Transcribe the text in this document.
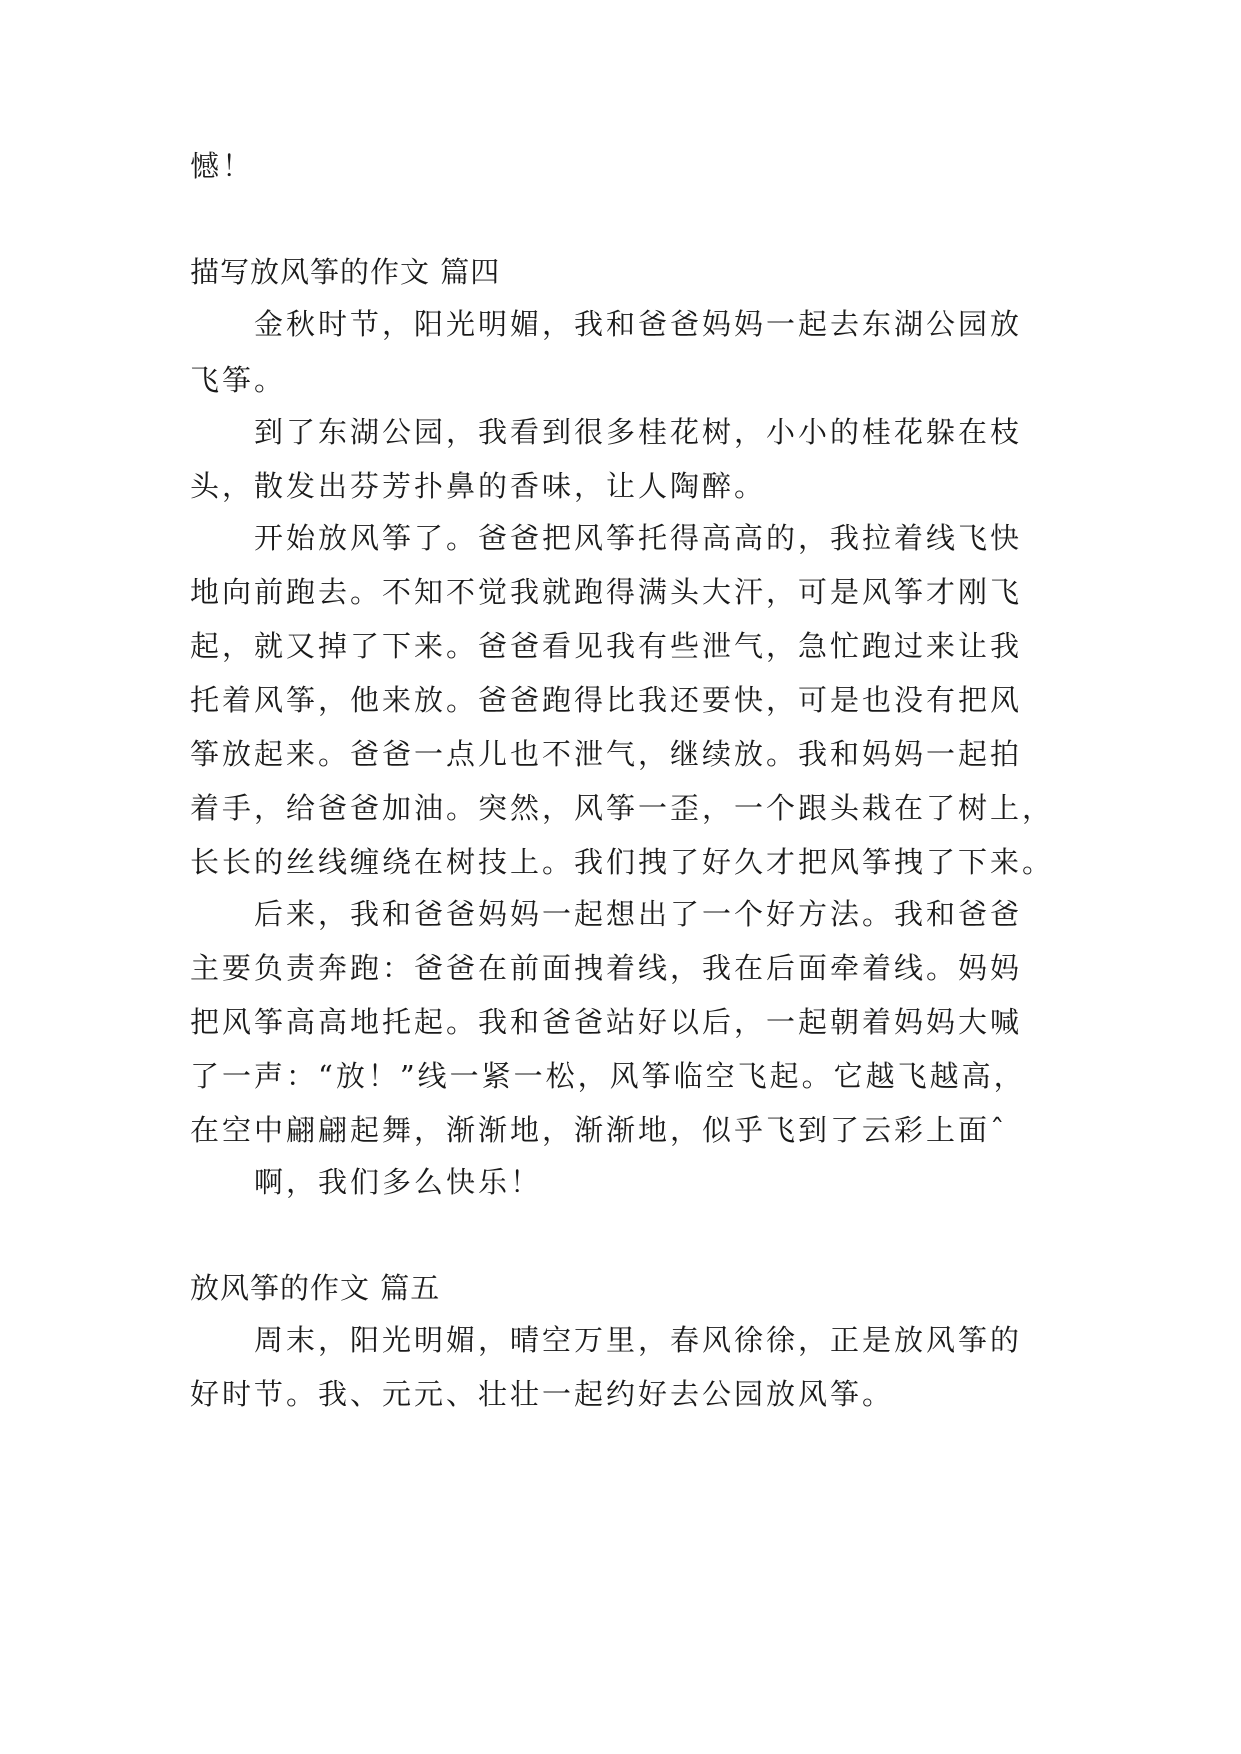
憾！
描写放风筝的作文 篇四
金秋时节，阳光明媚，我和爸爸妈妈一起去东湖公园放
飞筝。
到了东湖公园，我看到很多桂花树，小小的桂花躲在枝
头，散发出芬芳扑鼻的香味，让人陶醉。
开始放风筝了。爸爸把风筝托得高高的，我拉着线飞快
地向前跑去。不知不觉我就跑得满头大汗，可是风筝才刚飞
起，就又掉了下来。爸爸看见我有些泄气，急忙跑过来让我
托着风筝，他来放。爸爸跑得比我还要快，可是也没有把风
筝放起来。爸爸一点儿也不泄气，继续放。我和妈妈一起拍
着手，给爸爸加油。突然，风筝一歪，一个跟头栽在了树上，
长长的丝线缠绕在树技上。我们拽了好久才把风筝拽了下来。
后来，我和爸爸妈妈一起想出了一个好方法。我和爸爸
主要负责奔跑：爸爸在前面拽着线，我在后面牵着线。妈妈
把风筝高高地托起。我和爸爸站好以后，一起朝着妈妈大喊
了一声：“放！”线一紧一松，风筝临空飞起。它越飞越高，
在空中翩翩起舞，渐渐地，渐渐地，似乎飞到了云彩上面ˆ
啊，我们多么快乐！
放风筝的作文 篇五
周末，阳光明媚，晴空万里，春风徐徐，正是放风筝的
好时节。我、元元、壮壮一起约好去公园放风筝。
